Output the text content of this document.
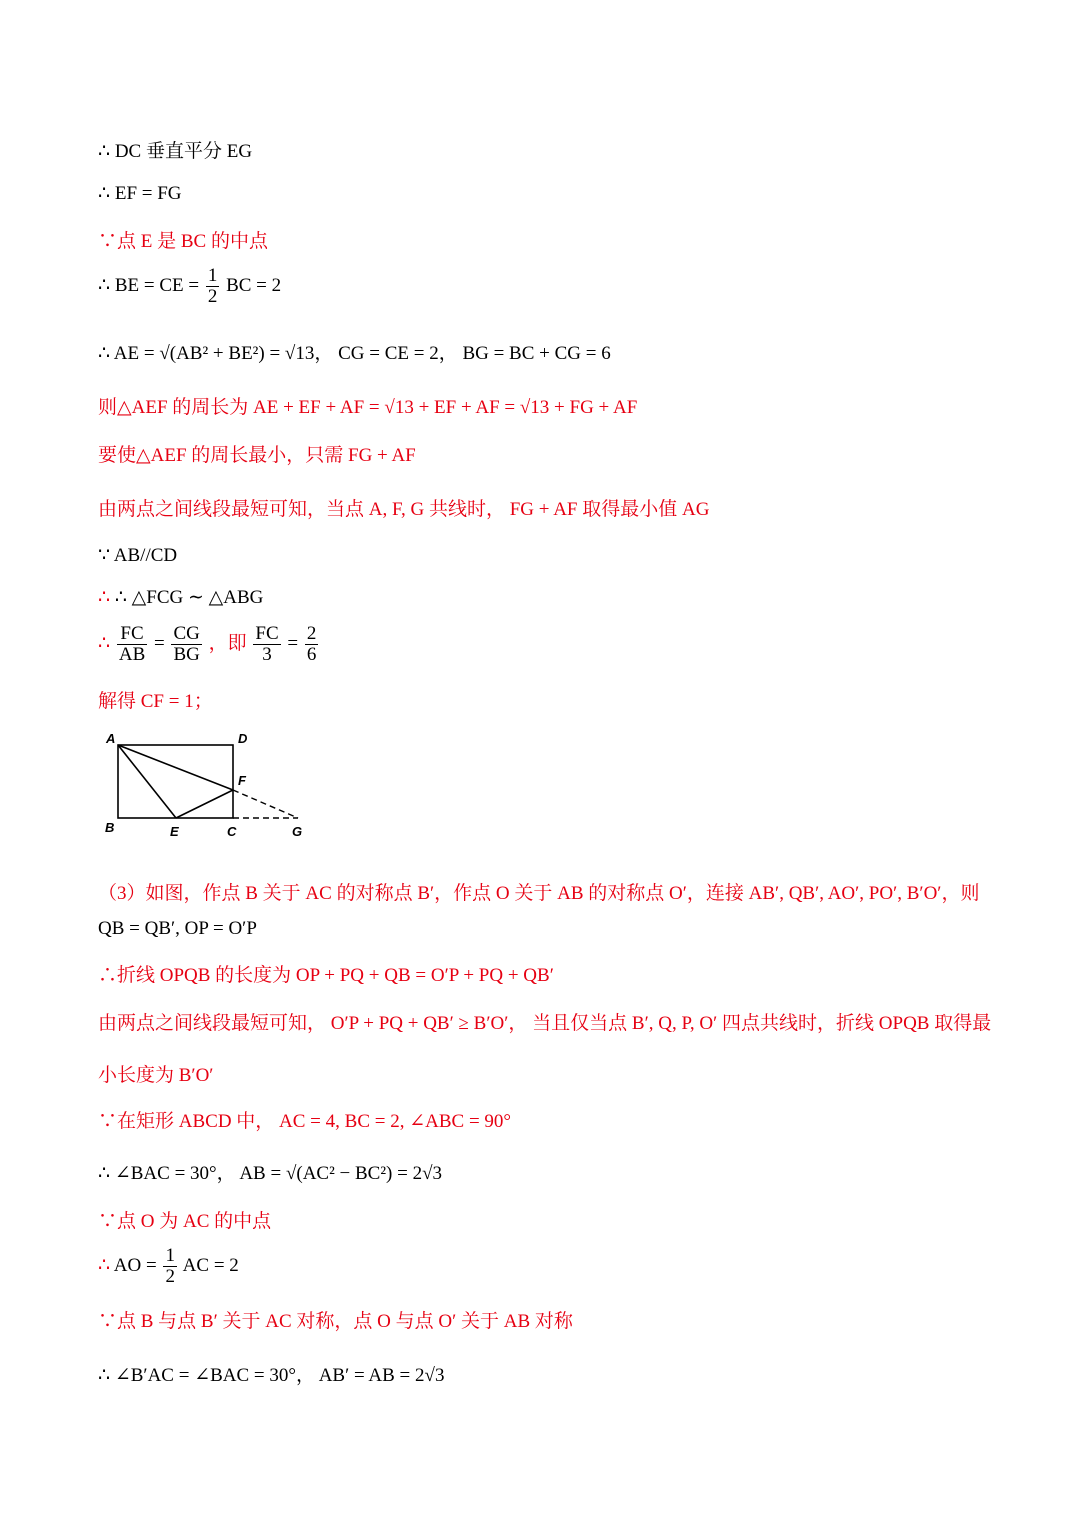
∴ DC 垂直平分 EG
∴ EF = FG
∵点 E 是 BC 的中点
∴ BE = CE = $\frac{1}{2}$ BC = 2
∴ AE = √(AB² + BE²) = √13， CG = CE = 2， BG = BC + CG = 6
则△AEF 的周长为 AE + EF + AF = √13 + EF + AF = √13 + FG + AF
要使△AEF 的周长最小，只需 FG + AF
由两点之间线段最短可知，当点 A, F, G 共线时， FG + AF 取得最小值 AG
∵ AB//CD
∴ ∴ △FCG ∼ △ABG
∴ $\frac{FC}{AB} = \frac{CG}{BG}$ ，即 $\frac{FC}{3} = \frac{2}{6}$
解得 CF = 1；
A	D
F
B	E	C	G
（3）如图，作点 B 关于 AC 的对称点 B′，作点 O 关于 AB 的对称点 O′，连接 AB′, QB′, AO′, PO′, B′O′，则
QB = QB′, OP = O′P
∴折线 OPQB 的长度为 OP + PQ + QB = O′P + PQ + QB′
由两点之间线段最短可知， O′P + PQ + QB′ ≥ B′O′， 当且仅当点 B′, Q, P, O′ 四点共线时，折线 OPQB 取得最
小长度为 B′O′
∵在矩形 ABCD 中， AC = 4, BC = 2, ∠ABC = 90°
∴ ∠BAC = 30°， AB = √(AC² − BC²) = 2√3
∵点 O 为 AC 的中点
∴ AO = $\frac{1}{2}$ AC = 2
∵点 B 与点 B′ 关于 AC 对称，点 O 与点 O′ 关于 AB 对称
∴ ∠B′AC = ∠BAC = 30°， AB′ = AB = 2√3
